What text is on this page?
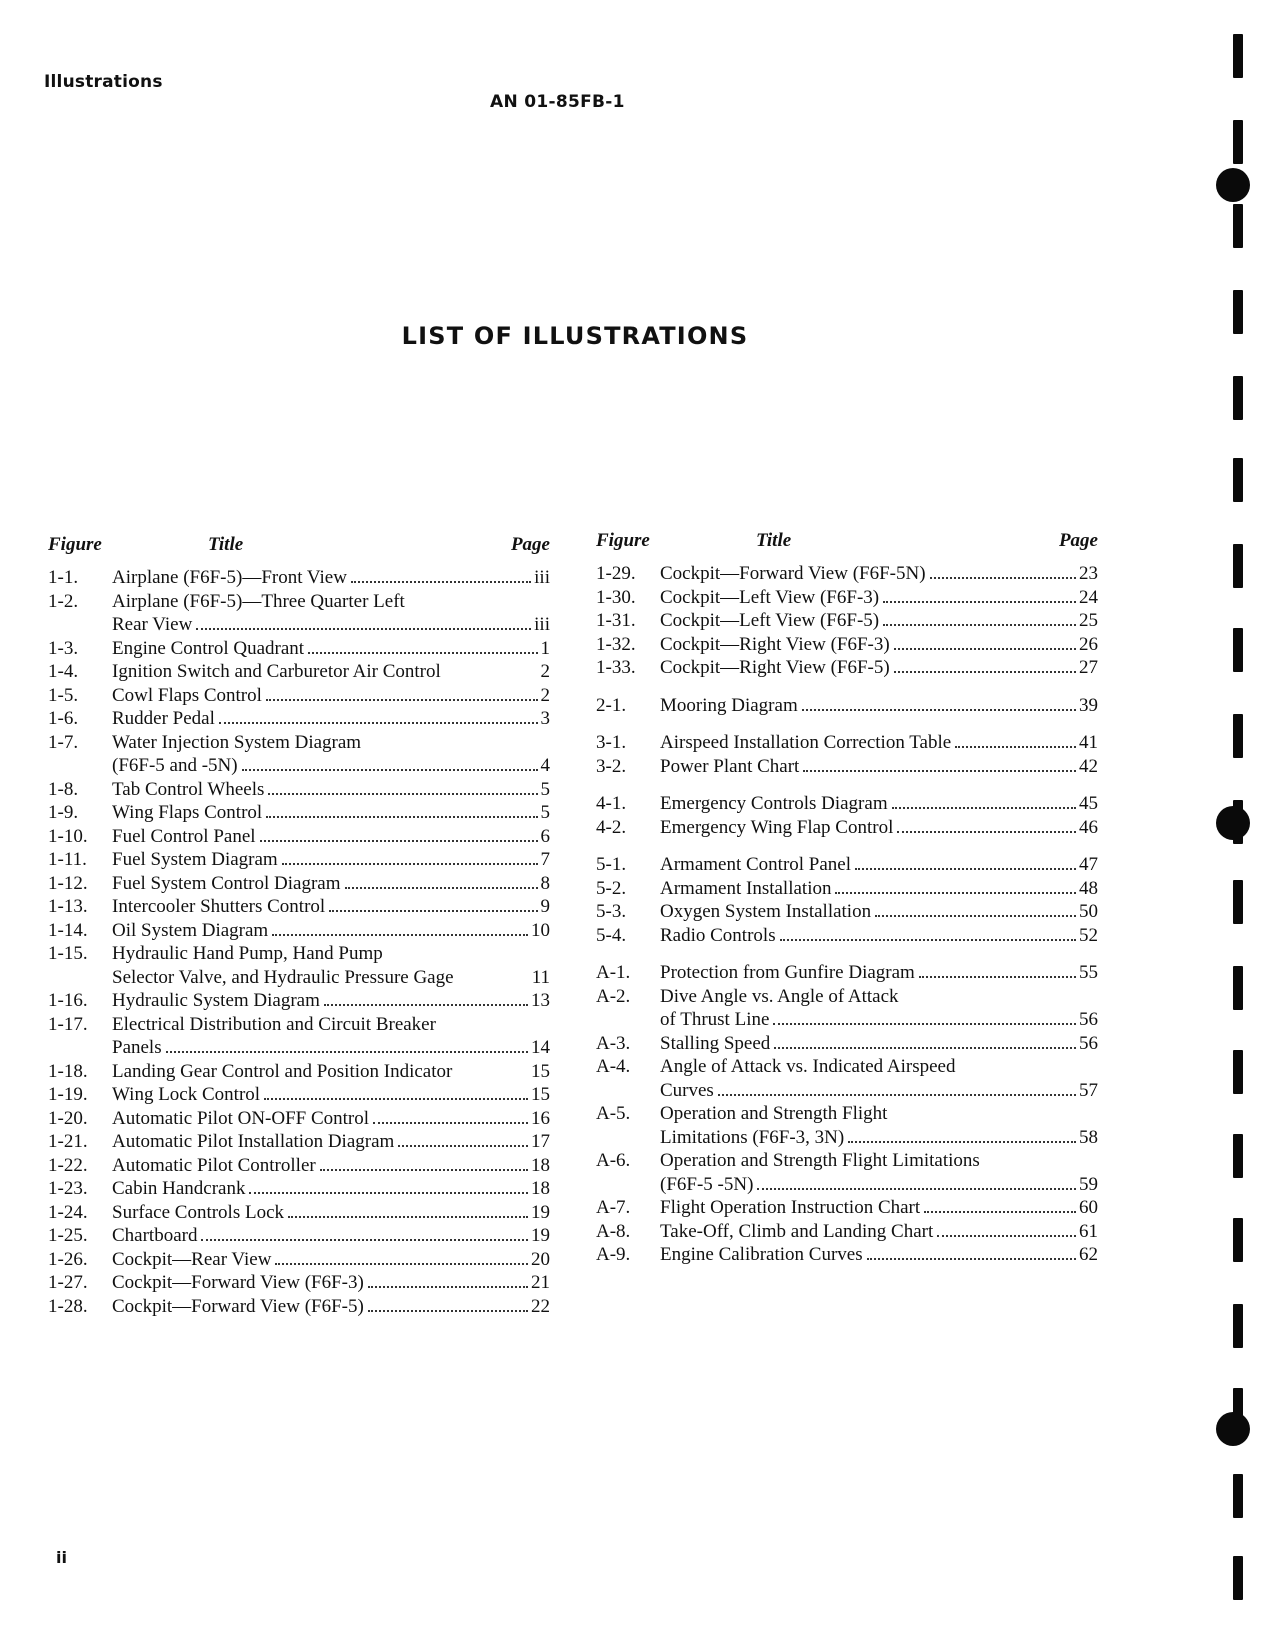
Illustrations
AN 01-85FB-1
LIST OF ILLUSTRATIONS
Figure	Title	Page
1-1.	Airplane (F6F-5)—Front View	iii
1-2.	Airplane (F6F-5)—Three Quarter Left
Rear View	iii
1-3.	Engine Control Quadrant	1
1-4.	Ignition Switch and Carburetor Air Control	2
1-5.	Cowl Flaps Control	2
1-6.	Rudder Pedal	3
1-7.	Water Injection System Diagram
(F6F-5 and -5N)	4
1-8.	Tab Control Wheels	5
1-9.	Wing Flaps Control	5
1-10.	Fuel Control Panel	6
1-11.	Fuel System Diagram	7
1-12.	Fuel System Control Diagram	8
1-13.	Intercooler Shutters Control	9
1-14.	Oil System Diagram	10
1-15.	Hydraulic Hand Pump, Hand Pump
Selector Valve, and Hydraulic Pressure Gage	11
1-16.	Hydraulic System Diagram	13
1-17.	Electrical Distribution and Circuit Breaker
Panels	14
1-18.	Landing Gear Control and Position Indicator	15
1-19.	Wing Lock Control	15
1-20.	Automatic Pilot ON-OFF Control	16
1-21.	Automatic Pilot Installation Diagram	17
1-22.	Automatic Pilot Controller	18
1-23.	Cabin Handcrank	18
1-24.	Surface Controls Lock	19
1-25.	Chartboard	19
1-26.	Cockpit—Rear View	20
1-27.	Cockpit—Forward View (F6F-3)	21
1-28.	Cockpit—Forward View (F6F-5)	22
Figure	Title	Page
1-29.	Cockpit—Forward View (F6F-5N)	23
1-30.	Cockpit—Left View (F6F-3)	24
1-31.	Cockpit—Left View (F6F-5)	25
1-32.	Cockpit—Right View (F6F-3)	26
1-33.	Cockpit—Right View (F6F-5)	27
2-1.	Mooring Diagram	39
3-1.	Airspeed Installation Correction Table	41
3-2.	Power Plant Chart	42
4-1.	Emergency Controls Diagram	45
4-2.	Emergency Wing Flap Control	46
5-1.	Armament Control Panel	47
5-2.	Armament Installation	48
5-3.	Oxygen System Installation	50
5-4.	Radio Controls	52
A-1.	Protection from Gunfire Diagram	55
A-2.	Dive Angle vs. Angle of Attack
of Thrust Line	56
A-3.	Stalling Speed	56
A-4.	Angle of Attack vs. Indicated Airspeed
Curves	57
A-5.	Operation and Strength Flight
Limitations (F6F-3, 3N)	58
A-6.	Operation and Strength Flight Limitations
(F6F-5 -5N)	59
A-7.	Flight Operation Instruction Chart	60
A-8.	Take-Off, Climb and Landing Chart	61
A-9.	Engine Calibration Curves	62
ii
